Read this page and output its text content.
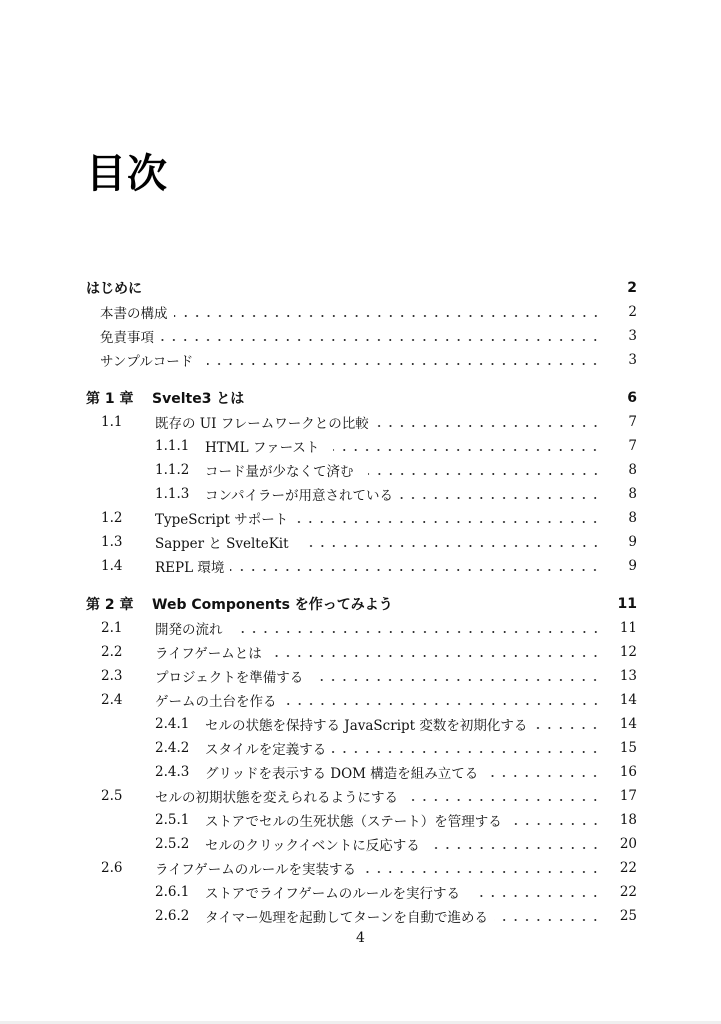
目次
はじめに	2
本書の構成	2
免責事項	3
サンプルコード	3
第 1 章	Svelte3 とは	6
1.1	既存の UI フレームワークとの比較	7
1.1.1	HTML ファースト	7
1.1.2	コード量が少なくて済む	8
1.1.3	コンパイラーが用意されている	8
1.2	TypeScript サポート	8
1.3	Sapper と SvelteKit	9
1.4	REPL 環境	9
第 2 章	Web Components を作ってみよう	11
2.1	開発の流れ	11
2.2	ライフゲームとは	12
2.3	プロジェクトを準備する	13
2.4	ゲームの土台を作る	14
2.4.1	セルの状態を保持する JavaScript 変数を初期化する	14
2.4.2	スタイルを定義する	15
2.4.3	グリッドを表示する DOM 構造を組み立てる	16
2.5	セルの初期状態を変えられるようにする	17
2.5.1	ストアでセルの生死状態（ステート）を管理する	18
2.5.2	セルのクリックイベントに反応する	20
2.6	ライフゲームのルールを実装する	22
2.6.1	ストアでライフゲームのルールを実行する	22
2.6.2	タイマー処理を起動してターンを自動で進める	25
4
